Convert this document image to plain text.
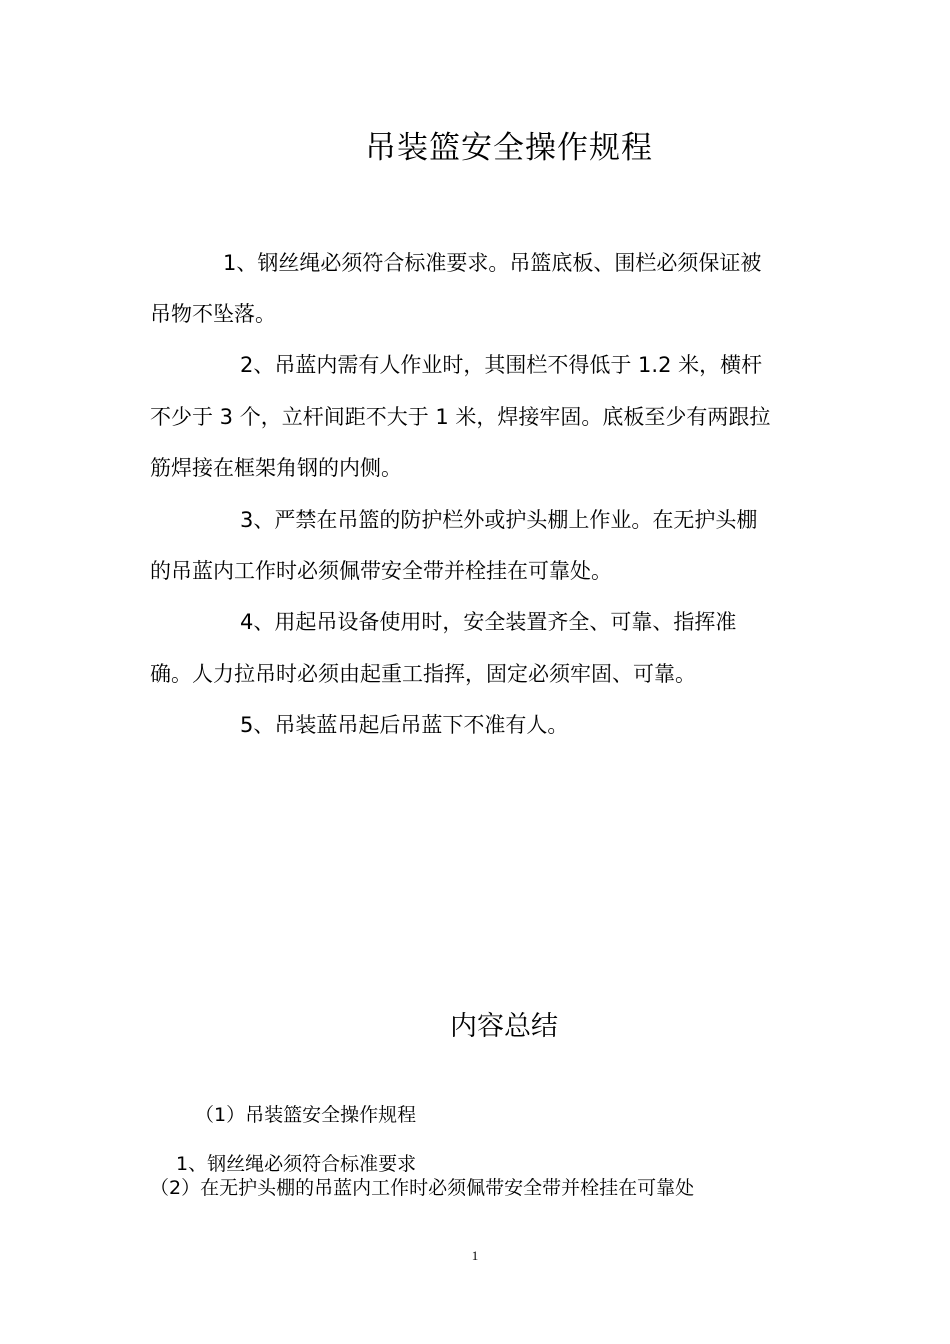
吊装篮安全操作规程
1、钢丝绳必须符合标准要求。吊篮底板、围栏必须保证被
吊物不坠落。
2、吊蓝内需有人作业时，其围栏不得低于 1.2 米，横杆
不少于 3 个，立杆间距不大于 1 米，焊接牢固。底板至少有两跟拉
筋焊接在框架角钢的内侧。
3、严禁在吊篮的防护栏外或护头棚上作业。在无护头棚
的吊蓝内工作时必须佩带安全带并栓挂在可靠处。
4、用起吊设备使用时，安全装置齐全、可靠、指挥准
确。人力拉吊时必须由起重工指挥，固定必须牢固、可靠。
5、吊装蓝吊起后吊蓝下不准有人。
内容总结
（1）吊装篮安全操作规程
1、钢丝绳必须符合标准要求
（2）在无护头棚的吊蓝内工作时必须佩带安全带并栓挂在可靠处
1
